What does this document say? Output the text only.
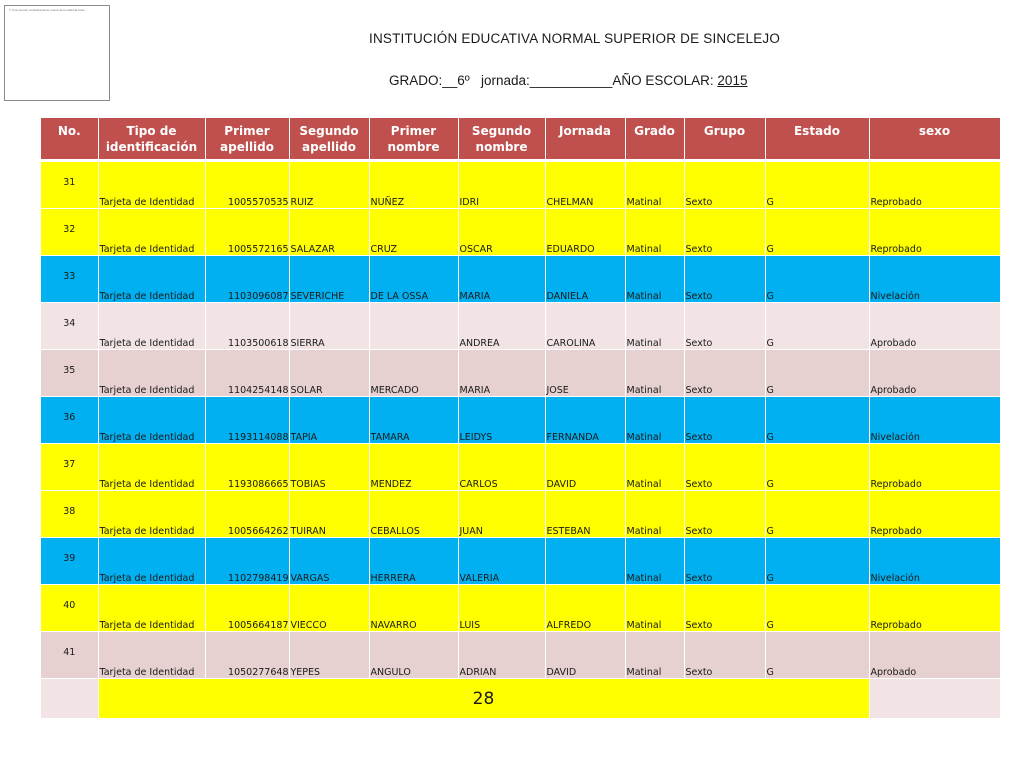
© Una versión completamente nueva de la editorial Artes
INSTITUCIÓN EDUCATIVA NORMAL SUPERIOR DE SINCELEJO
GRADO:__6º jornada:___________AÑO ESCOLAR: 2015
No.	Tipo de identificación	Primer apellido	Segundo apellido	Primer nombre	Segundo nombre	Jornada	Grado	Grupo	Estado	sexo

31	Tarjeta de Identidad	1005570535	RUIZ	NUÑEZ	IDRI	CHELMAN	Matinal	Sexto	G	Reprobado
32	Tarjeta de Identidad	1005572165	SALAZAR	CRUZ	OSCAR	EDUARDO	Matinal	Sexto	G	Reprobado
33	Tarjeta de Identidad	1103096087	SEVERICHE	DE LA OSSA	MARIA	DANIELA	Matinal	Sexto	G	Nivelación
34	Tarjeta de Identidad	1103500618	SIERRA		ANDREA	CAROLINA	Matinal	Sexto	G	Aprobado
35	Tarjeta de Identidad	1104254148	SOLAR	MERCADO	MARIA	JOSE	Matinal	Sexto	G	Aprobado
36	Tarjeta de Identidad	1193114088	TAPIA	TAMARA	LEIDYS	FERNANDA	Matinal	Sexto	G	Nivelación
37	Tarjeta de Identidad	1193086665	TOBIAS	MENDEZ	CARLOS	DAVID	Matinal	Sexto	G	Reprobado
38	Tarjeta de Identidad	1005664262	TUIRAN	CEBALLOS	JUAN	ESTEBAN	Matinal	Sexto	G	Reprobado
39	Tarjeta de Identidad	1102798419	VARGAS	HERRERA	VALERIA		Matinal	Sexto	G	Nivelación
40	Tarjeta de Identidad	1005664187	VIECCO	NAVARRO	LUIS	ALFREDO	Matinal	Sexto	G	Reprobado
41	Tarjeta de Identidad	1050277648	YEPES	ANGULO	ADRIAN	DAVID	Matinal	Sexto	G	Aprobado
	28									
